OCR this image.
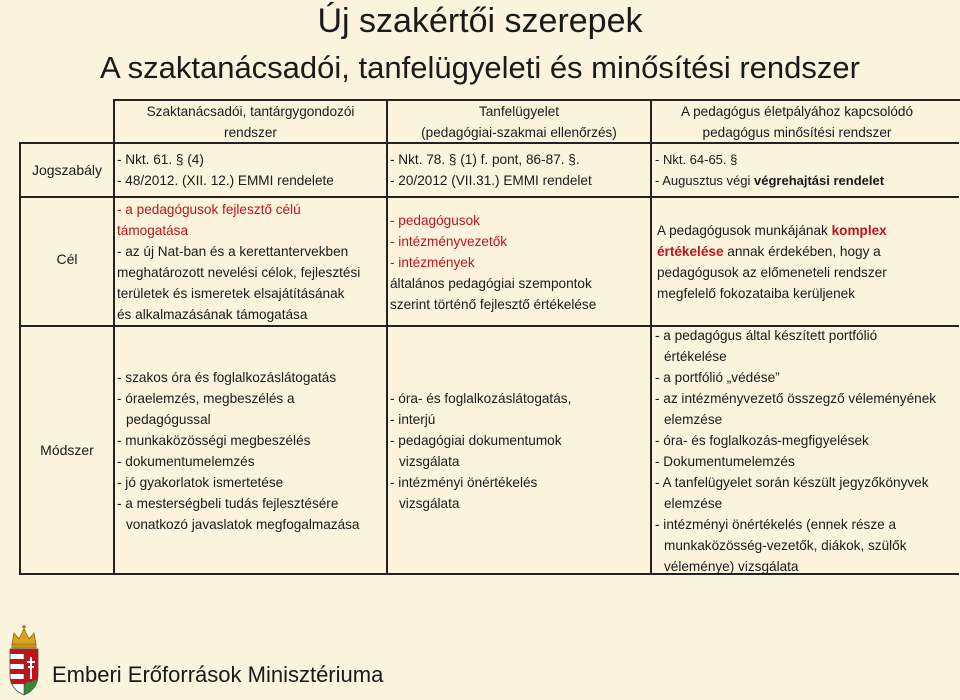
Új szakértői szerepek
A szaktanácsadói, tanfelügyeleti és minősítési rendszer
Szaktanácsadói, tantárgygondozói
rendszer
Tanfelügyelet
(pedagógiai-szakmai ellenőrzés)
A pedagógus életpályához kapcsolódó
pedagógus minősítési rendszer
Jogszabály
- Nkt. 61. § (4)
- 48/2012. (XII. 12.) EMMI rendelete
- Nkt. 78. § (1) f. pont, 86-87. §.
- 20/2012 (VII.31.) EMMI rendelet
- Nkt. 64-65. §
- Augusztus végi végrehajtási rendelet
Cél
- a pedagógusok fejlesztő célú
támogatása
- az új Nat-ban és a kerettantervekben
meghatározott nevelési célok, fejlesztési
területek és ismeretek elsajátításának
és alkalmazásának támogatása
- pedagógusok
- intézményvezetők
- intézmények
általános pedagógiai szempontok
szerint történő fejlesztő értékelése
A pedagógusok munkájának komplex
értékelése annak érdekében, hogy a
pedagógusok az előmeneteli rendszer
megfelelő fokozataiba kerüljenek
Módszer
- szakos óra és foglalkozáslátogatás
- óraelemzés, megbeszélés a
pedagógussal
- munkaközösségi megbeszélés
- dokumentumelemzés
- jó gyakorlatok ismertetése
- a mesterségbeli tudás fejlesztésére
vonatkozó javaslatok megfogalmazása
- óra- és foglalkozáslátogatás,
- interjú
- pedagógiai dokumentumok
vizsgálata
- intézményi önértékelés
vizsgálata
- a pedagógus által készített portfólió
értékelése
- a portfólió „védése”
- az intézményvezető összegző véleményének
elemzése
- óra- és foglalkozás-megfigyelések
- Dokumentumelemzés
- A tanfelügyelet során készült jegyzőkönyvek
elemzése
- intézményi önértékelés (ennek része a
munkaközösség-vezetők, diákok, szülők
véleménye) vizsgálata
Emberi Erőforrások Minisztériuma
